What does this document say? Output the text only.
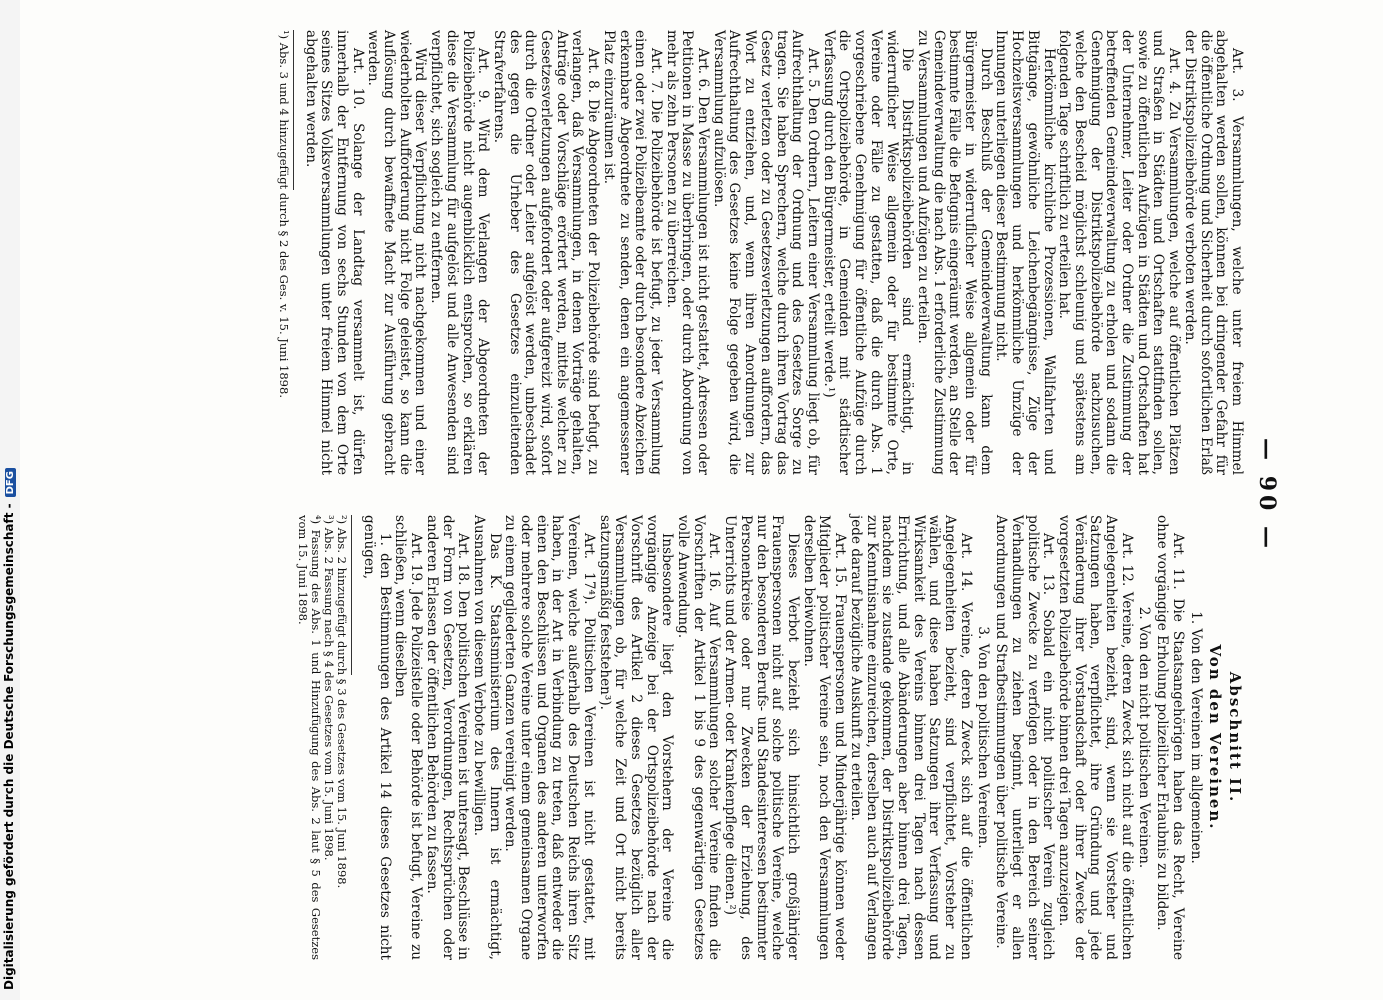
Digitalisierung gefördert durch die Deutsche Forschungsgemeinschaft -DFG	— 90 —

Art. 3. Versammlungen, welche unter freiem Himmel abgehalten werden sollen, können bei dringender Gefahr für die öffentliche Ordnung und Sicherheit durch sofortlichen Erlaß der Distriktspolizeibehörde verboten werden.

Art. 4. Zu Versammlungen, welche auf öffentlichen Plätzen und Straßen in Städten und Ortschaften stattfinden sollen, sowie zu öffentlichen Aufzügen in Städten und Ortschaften hat der Unternehmer, Leiter oder Ordner die Zustimmung der betreffenden Gemeindeverwaltung zu erholen und sodann die Genehmigung der Distriktspolizeibehörde nachzusuchen, welche den Bescheid möglichst schleunig und spätestens am folgenden Tage schriftlich zu erteilen hat.

Herkömmliche kirchliche Prozessionen, Wallfahrten und Bittgänge, gewöhnliche Leichenbegängnisse, Züge der Hochzeitsversammlungen und herkömmliche Umzüge der Innungen unterliegen dieser Bestimmung nicht.

Durch Beschluß der Gemeindeverwaltung kann dem Bürgermeister in widerruflicher Weise allgemein oder für bestimmte Fälle die Befugnis eingeräumt werden, an Stelle der Gemeindeverwaltung die nach Abs. 1 erforderliche Zustimmung zu Versammlungen und Aufzügen zu erteilen.

Die Distriktspolizeibehörden sind ermächtigt, in widerruflicher Weise allgemein oder für bestimmte Orte, Vereine oder Fälle zu gestatten, daß die durch Abs. 1 vorgeschriebene Genehmigung für öffentliche Aufzüge durch die Ortspolizeibehörde, in Gemeinden mit städtischer Verfassung durch den Bürgermeister, erteilt werde.¹)

Art. 5. Den Ordnern, Leitern einer Versammlung liegt ob, für Aufrechthaltung der Ordnung und des Gesetzes Sorge zu tragen. Sie haben Sprechern, welche durch ihren Vortrag das Gesetz verletzen oder zu Gesetzesverletzungen auffordern, das Wort zu entziehen, und, wenn ihren Anordnungen zur Aufrechthaltung des Gesetzes keine Folge gegeben wird, die Versammlung aufzulösen.

Art. 6. Den Versammlungen ist nicht gestattet, Adressen oder Petitionen in Masse zu überbringen, oder durch Abordnung von mehr als zehn Personen zu überreichen.

Art. 7. Die Polizeibehörde ist befugt, zu jeder Versammlung einen oder zwei Polizeibeamte oder durch besondere Abzeichen erkennbare Abgeordnete zu senden, denen ein angemessener Platz einzuräumen ist.

Art. 8. Die Abgeordneten der Polizeibehörde sind befugt, zu verlangen, daß Versammlungen, in denen Vorträge gehalten, Anträge oder Vorschläge erörtert werden, mittels welcher zu Gesetzesverletzungen aufgefordert oder aufgereizt wird, sofort durch die Ordner oder Leiter aufgelöst werden, unbeschadet des gegen die Urheber des Gesetzes einzuleitenden Strafverfahrens.

Art. 9. Wird dem Verlangen der Abgeordneten der Polizeibehörde nicht augenblicklich entsprochen, so erklären diese die Versammlung für aufgelöst und alle Anwesenden sind verpflichtet, sich sogleich zu entfernen.

Wird dieser Verpflichtung nicht nachgekommen und einer wiederholten Aufforderung nicht Folge geleistet, so kann die Auflösung durch bewaffnete Macht zur Ausführung gebracht werden.

Art. 10. Solange der Landtag versammelt ist, dürfen innerhalb der Entfernung von sechs Stunden von dem Orte seines Sitzes Volksversammlungen unter freiem Himmel nicht abgehalten werden.

¹) Abs. 3 und 4 hinzugefügt durch § 2 des Ges. v. 15. Juni 1898.

Abschnitt II.

Von den Vereinen.

1. Von den Vereinen im allgemeinen.

Art. 11. Die Staatsangehörigen haben das Recht, Vereine ohne vorgängige Erholung polizeilicher Erlaubnis zu bilden.

2. Von den nicht politischen Vereinen.

Art. 12. Vereine, deren Zweck sich nicht auf die öffentlichen Angelegenheiten bezieht, sind, wenn sie Vorsteher und Satzungen haben, verpflichtet, ihre Gründung und jede Veränderung ihrer Vorstandschaft oder ihrer Zwecke der vorgesetzten Polizeibehörde binnen drei Tagen anzuzeigen.

Art. 13. Sobald ein nicht politischer Verein zugleich politische Zwecke zu verfolgen oder in den Bereich seiner Verhandlungen zu ziehen beginnt, unterliegt er allen Anordnungen und Strafbestimmungen über politische Vereine.

3. Von den politischen Vereinen.

Art. 14. Vereine, deren Zweck sich auf die öffentlichen Angelegenheiten bezieht, sind verpflichtet, Vorsteher zu wählen, und diese haben Satzungen ihrer Verfassung und Wirksamkeit des Vereins binnen drei Tagen nach dessen Errichtung, und alle Abänderungen aber binnen drei Tagen, nachdem sie zustande gekommen, der Distriktspolizeibehörde zur Kenntnisnahme einzureichen, derselben auch auf Verlangen jede darauf bezügliche Auskunft zu erteilen.

Art. 15. Frauenspersonen und Minderjährige können weder Mitglieder politischer Vereine sein, noch den Versammlungen derselben beiwohnen.

Dieses Verbot bezieht sich hinsichtlich großjähriger Frauenspersonen nicht auf solche politische Vereine, welche nur den besonderen Berufs- und Standesinteressen bestimmter Personenkreise oder nur Zwecken der Erziehung, des Unterrichts und der Armen- oder Krankenpflege dienen.²)

Art. 16. Auf Versammlungen solcher Vereine finden die Vorschriften der Artikel 1 bis 9 des gegenwärtigen Gesetzes volle Anwendung.

Insbesondere liegt den Vorstehern der Vereine die vorgängige Anzeige bei der Ortspolizeibehörde nach der Vorschrift des Artikel 2 dieses Gesetzes bezüglich aller Versammlungen ob, für welche Zeit und Ort nicht bereits satzungsmäßig feststehen³).

Art. 17⁴). Politischen Vereinen ist nicht gestattet, mit Vereinen, welche außerhalb des Deutschen Reichs ihren Sitz haben, in der Art in Verbindung zu treten, daß entweder die einen den Beschlüssen und Organen des anderen unterworfen oder mehrere solche Vereine unter einem gemeinsamen Organe zu einem gegliederten Ganzen vereinigt werden.

Das K. Staatsministerium des Innern ist ermächtigt, Ausnahmen von diesem Verbote zu bewilligen.

Art. 18. Den politischen Vereinen ist untersagt, Beschlüsse in der Form von Gesetzen, Verordnungen, Rechtssprüchen oder anderen Erlassen der öffentlichen Behörden zu fassen.

Art. 19. Jede Polizeistelle oder Behörde ist befugt, Vereine zu schließen, wenn dieselben

1. den Bestimmungen des Artikel 14 dieses Gesetzes nicht genügen,

²) Abs. 2 hinzugefügt durch § 3 des Gesetzes vom 15. Juni 1898.

³) Abs. 2 Fassung nach § 4 des Gesetzes vom 15. Juni 1898.

⁴) Fassung des Abs. 1 und Hinzufügung des Abs. 2 laut § 5 des Gesetzes vom 15. Juni 1898.
